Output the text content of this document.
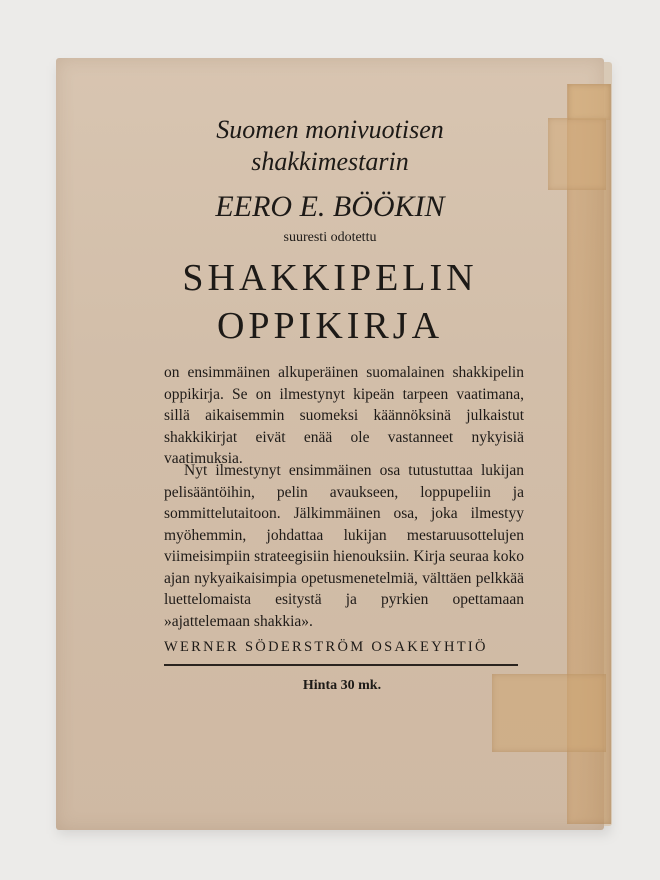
Suomen monivuotisen
shakkimestarin
EERO E. BÖÖKIN
suuresti odotettu
SHAKKIPELIN
OPPIKIRJA

on ensimmäinen alkuperäinen suomalainen shakkipelin oppikirja. Se on ilmestynyt kipeän tarpeen vaatimana, sillä aikaisemmin suomeksi käännöksinä julkaistut shakkikirjat eivät enää ole vastanneet nykyisiä vaatimuksia.

Nyt ilmestynyt ensimmäinen osa tutustuttaa lukijan pelisääntöihin, pelin avaukseen, loppupeliin ja sommittelutaitoon. Jälkimmäinen osa, joka ilmestyy myöhemmin, johdattaa lukijan mestaruusottelujen viimeisimpiin strateegisiin hienouksiin. Kirja seuraa koko ajan nykyaikaisimpia opetusmenetelmiä, välttäen pelkkää luettelomaista esitystä ja pyrkien opettamaan »ajattelemaan shakkia».

WERNER SÖDERSTRÖM OSAKEYHTIÖ
Hinta 30 mk.
